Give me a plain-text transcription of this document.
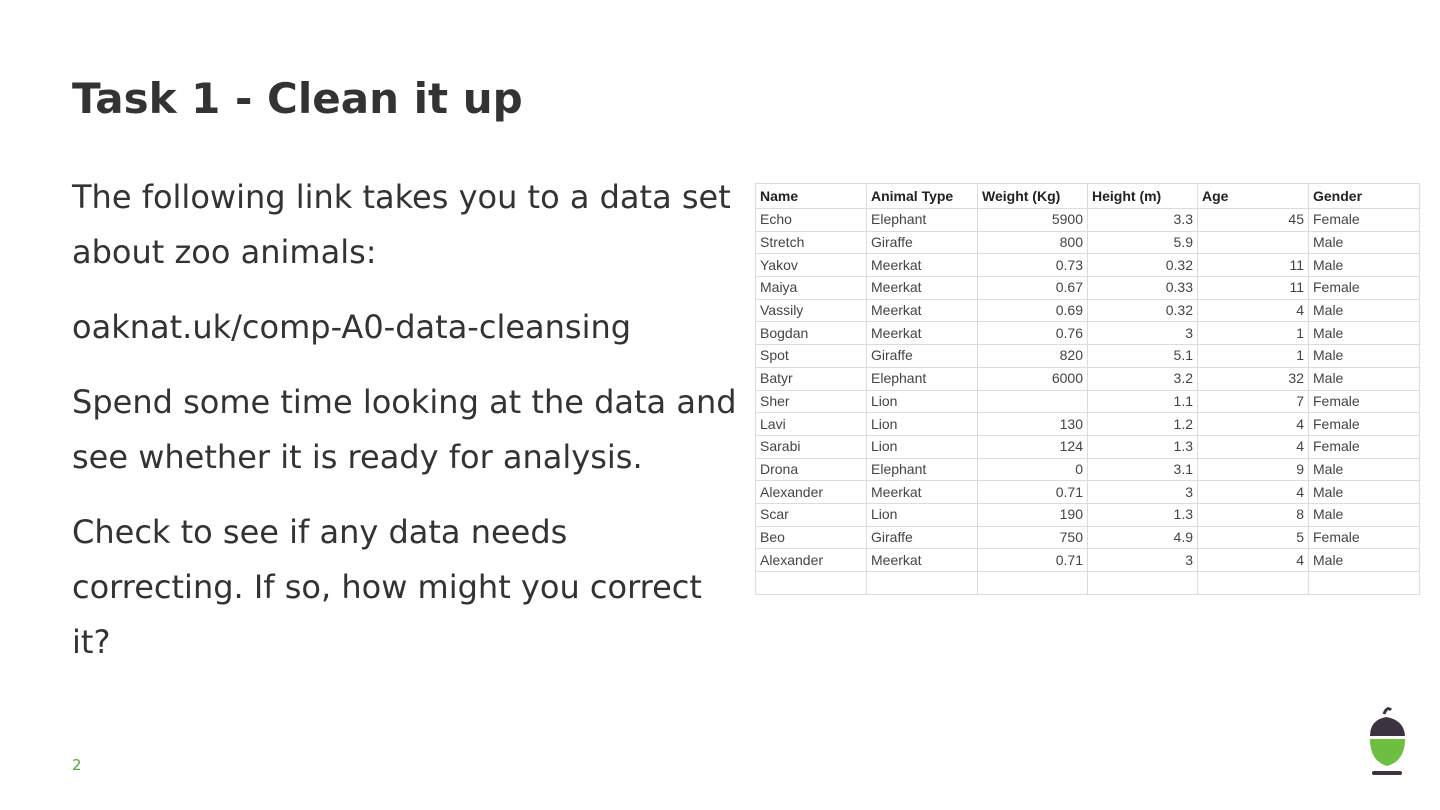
Task 1 - Clean it up

The following link takes you to a data set about zoo animals:

oaknat.uk/comp-A0-data-cleansing

Spend some time looking at the data and see whether it is ready for analysis.

Check to see if any data needs correcting. If so, how might you correct it?

Name	Animal Type	Weight (Kg)	Height (m)	Age	Gender
Echo	Elephant	5900	3.3	45	Female
Stretch	Giraffe	800	5.9		Male
Yakov	Meerkat	0.73	0.32	11	Male
Maiya	Meerkat	0.67	0.33	11	Female
Vassily	Meerkat	0.69	0.32	4	Male
Bogdan	Meerkat	0.76	3	1	Male
Spot	Giraffe	820	5.1	1	Male
Batyr	Elephant	6000	3.2	32	Male
Sher	Lion		1.1	7	Female
Lavi	Lion	130	1.2	4	Female
Sarabi	Lion	124	1.3	4	Female
Drona	Elephant	0	3.1	9	Male
Alexander	Meerkat	0.71	3	4	Male
Scar	Lion	190	1.3	8	Male
Beo	Giraffe	750	4.9	5	Female
Alexander	Meerkat	0.71	3	4	Male

2
